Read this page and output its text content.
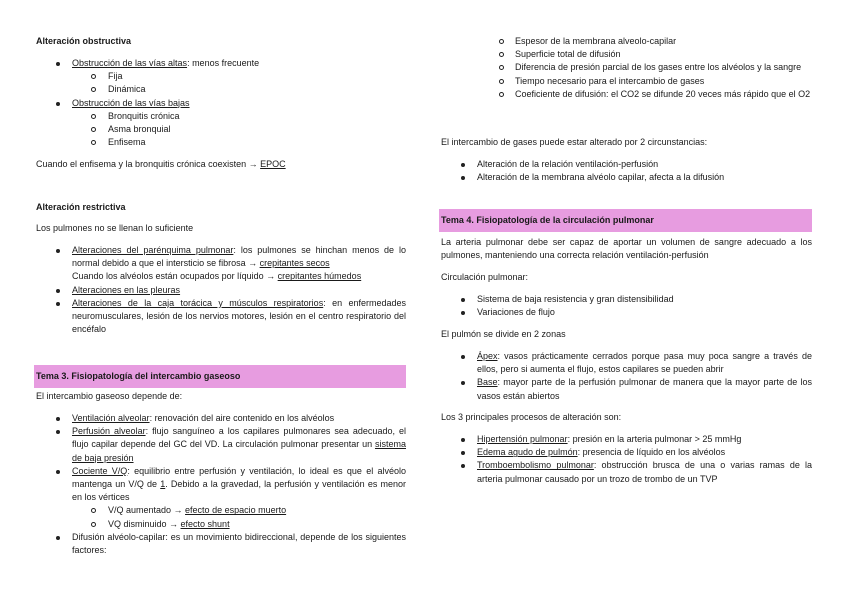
Alteración obstructiva

Obstrucción de las vías altas: menos frecuente
Fija
Dinámica
Obstrucción de las vías bajas
Bronquitis crónica
Asma bronquial
Enfisema

Cuando el enfisema y la bronquitis crónica coexisten → EPOC

Alteración restrictiva

Los pulmones no se llenan lo suficiente

Alteraciones del parénquima pulmonar: los pulmones se hinchan menos de lo normal debido a que el intersticio se fibrosa → crepitantes secos
Cuando los alvéolos están ocupados por líquido → crepitantes húmedos
Alteraciones en las pleuras
Alteraciones de la caja torácica y músculos respiratorios: en enfermedades neuromusculares, lesión de los nervios motores, lesión en el centro respiratorio del encéfalo
Tema 3. Fisiopatología del intercambio gaseoso

El intercambio gaseoso depende de:

Ventilación alveolar: renovación del aire contenido en los alvéolos
Perfusión alveolar: flujo sanguíneo a los capilares pulmonares sea adecuado, el flujo capilar depende del GC del VD. La circulación pulmonar presentar un sistema de baja presión
Cociente V/Q: equilibrio entre perfusión y ventilación, lo ideal es que el alvéolo mantenga un V/Q de 1. Debido a la gravedad, la perfusión y ventilación es menor en los vértices
V/Q aumentado → efecto de espacio muerto
VQ disminuido → efecto shunt
Difusión alvéolo-capilar: es un movimiento bidireccional, depende de los siguientes factores:
Espesor de la membrana alveolo-capilar
Superficie total de difusión
Diferencia de presión parcial de los gases entre los alvéolos y la sangre
Tiempo necesario para el intercambio de gases
Coeficiente de difusión: el CO2 se difunde 20 veces más rápido que el O2

El intercambio de gases puede estar alterado por 2 circunstancias:

Alteración de la relación ventilación-perfusión
Alteración de la membrana alvéolo capilar, afecta a la difusión
Tema 4. Fisiopatología de la circulación pulmonar

La arteria pulmonar debe ser capaz de aportar un volumen de sangre adecuado a los pulmones, manteniendo una correcta relación ventilación-perfusión

Circulación pulmonar:

Sistema de baja resistencia y gran distensibilidad
Variaciones de flujo

El pulmón se divide en 2 zonas

Ápex: vasos prácticamente cerrados porque pasa muy poca sangre a través de ellos, pero si aumenta el flujo, estos capilares se pueden abrir
Base: mayor parte de la perfusión pulmonar de manera que la mayor parte de los vasos están abiertos

Los 3 principales procesos de alteración son:

Hipertensión pulmonar: presión en la arteria pulmonar > 25 mmHg
Edema agudo de pulmón: presencia de líquido en los alvéolos
Tromboembolismo pulmonar: obstrucción brusca de una o varias ramas de la arteria pulmonar causado por un trozo de trombo de un TVP
